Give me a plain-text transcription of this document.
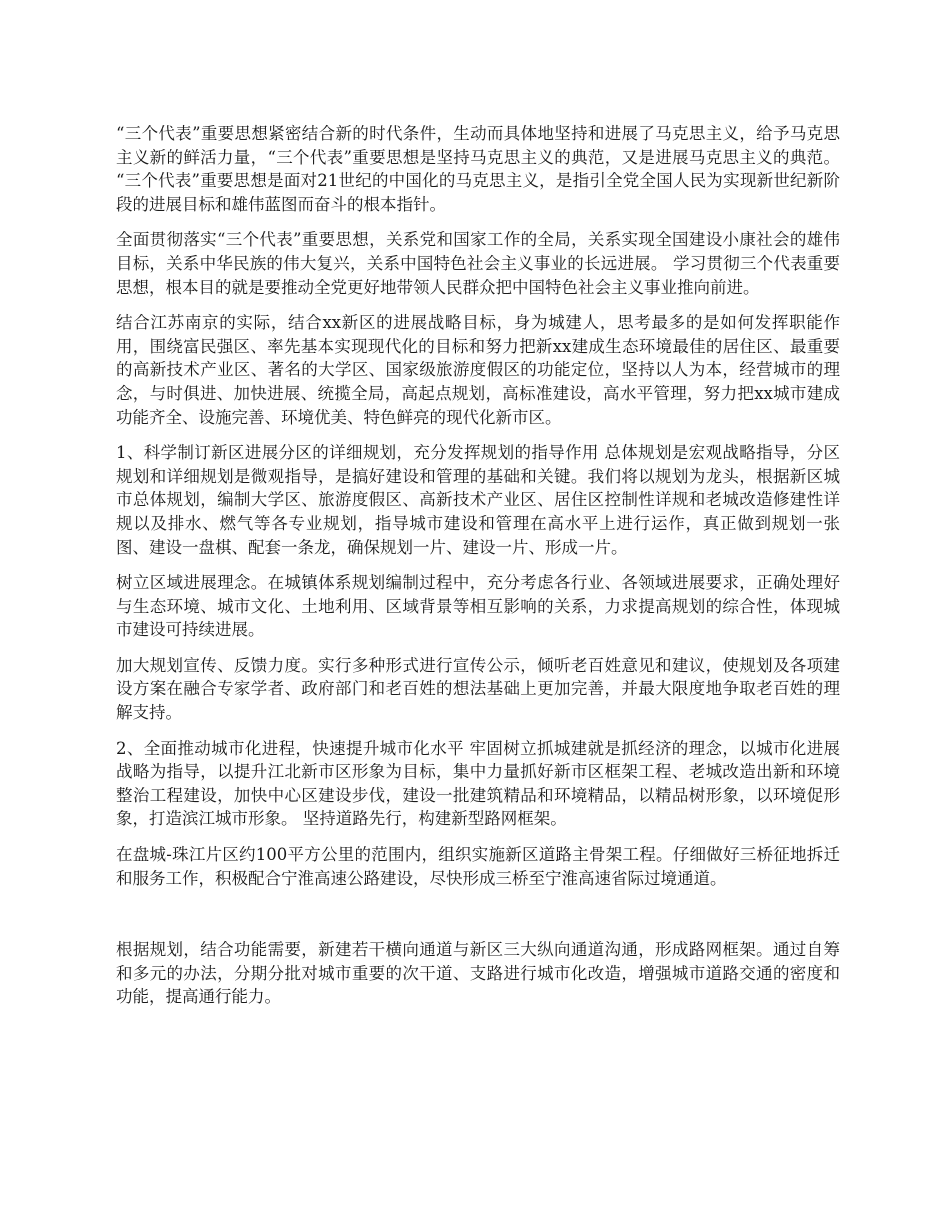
“三个代表”重要思想紧密结合新的时代条件，生动而具体地坚持和进展了马克思主义，给予马克思主义新的鲜活力量，“三个代表”重要思想是坚持马克思主义的典范，又是进展马克思主义的典范。 “三个代表”重要思想是面对21世纪的中国化的马克思主义，是指引全党全国人民为实现新世纪新阶段的进展目标和雄伟蓝图而奋斗的根本指针。

全面贯彻落实“三个代表”重要思想，关系党和国家工作的全局，关系实现全国建设小康社会的雄伟目标，关系中华民族的伟大复兴，关系中国特色社会主义事业的长远进展。 学习贯彻三个代表重要思想，根本目的就是要推动全党更好地带领人民群众把中国特色社会主义事业推向前进。

结合江苏南京的实际，结合xx新区的进展战略目标，身为城建人，思考最多的是如何发挥职能作用，围绕富民强区、率先基本实现现代化的目标和努力把新xx建成生态环境最佳的居住区、最重要的高新技术产业区、著名的大学区、国家级旅游度假区的功能定位，坚持以人为本，经营城市的理念，与时俱进、加快进展、统揽全局，高起点规划，高标准建设，高水平管理，努力把xx城市建成功能齐全、设施完善、环境优美、特色鲜亮的现代化新市区。

1、科学制订新区进展分区的详细规划，充分发挥规划的指导作用 总体规划是宏观战略指导，分区规划和详细规划是微观指导，是搞好建设和管理的基础和关键。我们将以规划为龙头，根据新区城市总体规划，编制大学区、旅游度假区、高新技术产业区、居住区控制性详规和老城改造修建性详规以及排水、燃气等各专业规划，指导城市建设和管理在高水平上进行运作，真正做到规划一张图、建设一盘棋、配套一条龙，确保规划一片、建设一片、形成一片。

树立区域进展理念。在城镇体系规划编制过程中，充分考虑各行业、各领域进展要求，正确处理好与生态环境、城市文化、土地利用、区域背景等相互影响的关系，力求提高规划的综合性，体现城市建设可持续进展。

加大规划宣传、反馈力度。实行多种形式进行宣传公示，倾听老百姓意见和建议，使规划及各项建设方案在融合专家学者、政府部门和老百姓的想法基础上更加完善，并最大限度地争取老百姓的理解支持。

2、全面推动城市化进程，快速提升城市化水平 牢固树立抓城建就是抓经济的理念，以城市化进展战略为指导，以提升江北新市区形象为目标，集中力量抓好新市区框架工程、老城改造出新和环境整治工程建设，加快中心区建设步伐，建设一批建筑精品和环境精品，以精品树形象，以环境促形象，打造滨江城市形象。 坚持道路先行，构建新型路网框架。

在盘城-珠江片区约100平方公里的范围内，组织实施新区道路主骨架工程。仔细做好三桥征地拆迁和服务工作，积极配合宁淮高速公路建设，尽快形成三桥至宁淮高速省际过境通道。

根据规划，结合功能需要，新建若干横向通道与新区三大纵向通道沟通，形成路网框架。通过自筹和多元的办法，分期分批对城市重要的次干道、支路进行城市化改造，增强城市道路交通的密度和功能，提高通行能力。
